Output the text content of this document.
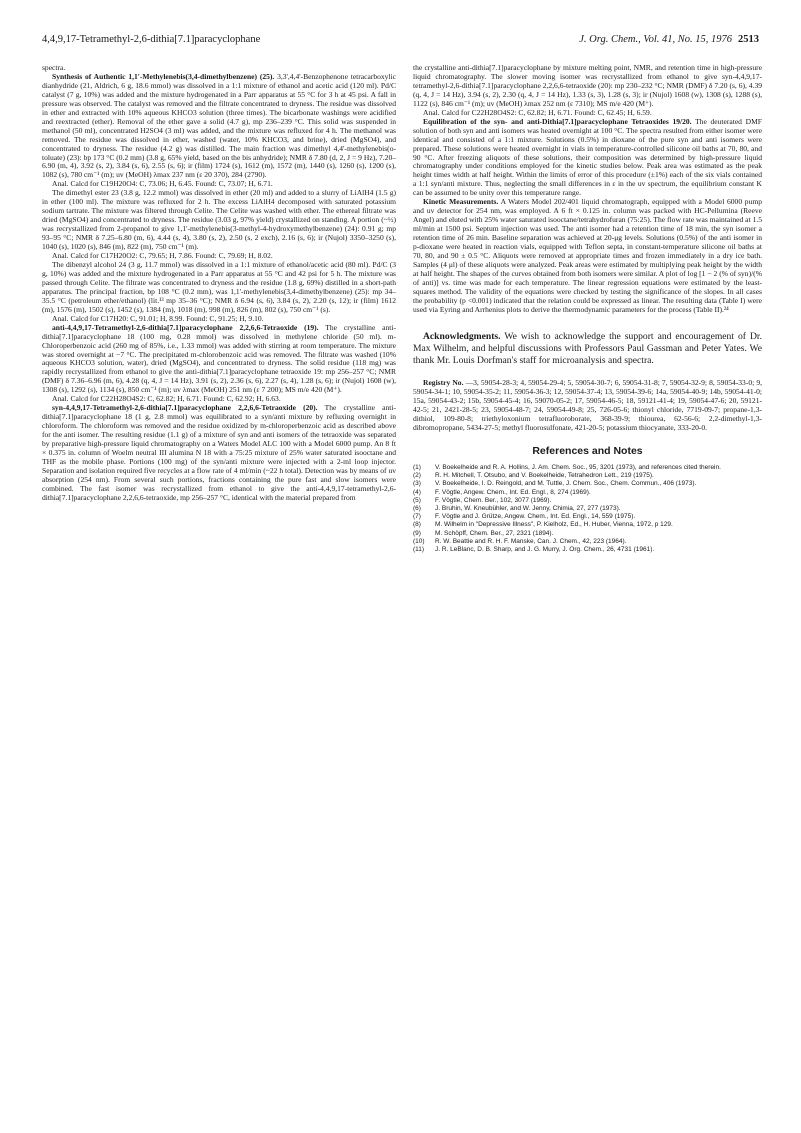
4,4,9,17-Tetramethyl-2,6-dithia[7.1]paracyclophane	J. Org. Chem., Vol. 41, No. 15, 1976 2513

spectra.

Synthesis of Authentic 1,1'-Methylenebis(3,4-dimethylbenzene) (25). 3,3',4,4'-Benzophenone tetracarboxylic dianhydride (21, Aldrich, 6 g, 18.6 mmol) was dissolved in a 1:1 mixture of ethanol and acetic acid (120 ml). Pd/C catalyst (7 g, 10%) was added and the mixture hydrogenated in a Parr apparatus at 55 °C for 3 h at 45 psi. A fall in pressure was observed. The catalyst was removed and the filtrate concentrated to dryness. The residue was dissolved in ether and extracted with 10% aqueous KHCO3 solution (three times). The bicarbonate washings were acidified and reextracted (ether). Removal of the ether gave a solid (4.7 g), mp 236–239 °C. This solid was suspended in methanol (50 ml), concentrated H2SO4 (3 ml) was added, and the mixture was refluxed for 4 h. The methanol was removed. The residue was dissolved in ether, washed (water, 10% KHCO3, and brine), dried (MgSO4), and concentrated to dryness. The residue (4.2 g) was distilled. The main fraction was dimethyl 4,4'-methylenebis(o-toluate) (23): bp 173 °C (0.2 mm) (3.8 g, 65% yield, based on the bis anhydride); NMR δ 7.80 (d, 2, J = 9 Hz), 7.20–6.90 (m, 4), 3.92 (s, 2), 3.84 (s, 6), 2.55 (s, 6); ir (film) 1724 (s), 1612 (m), 1572 (m), 1440 (s), 1260 (s), 1200 (s), 1082 (s), 780 cm⁻¹ (m); uv (MeOH) λmax 237 nm (ε 20 370), 284 (2790).

Anal. Calcd for C19H20O4: C, 73.06; H, 6.45. Found: C, 73.07; H, 6.71.

The dimethyl ester 23 (3.8 g, 12.2 mmol) was dissolved in ether (20 ml) and added to a slurry of LiAlH4 (1.5 g) in ether (100 ml). The mixture was refluxed for 2 h. The excess LiAlH4 decomposed with saturated potassium sodium tartrate. The mixture was filtered through Celite. The Celite was washed with ether. The ethereal filtrate was dried (MgSO4) and concentrated to dryness. The residue (3.03 g, 97% yield) crystallized on standing. A portion (~½) was recrystallized from 2-propanol to give 1,1'-methylenebis(3-methyl-4-hydroxymethylbenzene) (24): 0.91 g; mp 93–95 °C; NMR δ 7.25–6.80 (m, 6), 4.44 (s, 4), 3.80 (s, 2), 2.50 (s, 2 exch), 2.16 (s, 6); ir (Nujol) 3350–3250 (s), 1040 (s), 1020 (s), 846 (m), 822 (m), 750 cm⁻¹ (m).

Anal. Calcd for C17H20O2: C, 79.65; H, 7.86. Found: C, 79.69; H, 8.02.

The dibenzyl alcohol 24 (3 g, 11.7 mmol) was dissolved in a 1:1 mixture of ethanol/acetic acid (80 ml). Pd/C (3 g, 10%) was added and the mixture hydrogenated in a Parr apparatus at 55 °C and 42 psi for 5 h. The mixture was passed through Celite. The filtrate was concentrated to dryness and the residue (1.8 g, 69%) distilled in a short-path apparatus. The principal fraction, bp 108 °C (0.2 mm), was 1,1'-methylenebis(3,4-dimethylbenzene) (25): mp 34–35.5 °C (petroleum ether/ethanol) (lit.¹³ mp 35–36 °C); NMR δ 6.94 (s, 6), 3.84 (s, 2), 2.20 (s, 12); ir (film) 1612 (m), 1576 (m), 1502 (s), 1452 (s), 1384 (m), 1018 (m), 998 (m), 826 (m), 802 (s), 750 cm⁻¹ (s).

Anal. Calcd for C17H20: C, 91.01; H, 8.99. Found: C, 91.25; H, 9.10.

anti-4,4,9,17-Tetramethyl-2,6-dithia[7.1]paracyclophane 2,2,6,6-Tetraoxide (19). The crystalline anti-dithia[7.1]paracyclophane 18 (100 mg, 0.28 mmol) was dissolved in methylene chloride (50 ml). m-Chloroperbenzoic acid (260 mg of 85%, i.e., 1.33 mmol) was added with stirring at room temperature. The mixture was stored overnight at −7 °C. The precipitated m-chlorobenzoic acid was removed. The filtrate was washed (10% aqueous KHCO3 solution, water), dried (MgSO4), and concentrated to dryness. The solid residue (118 mg) was rapidly recrystallized from ethanol to give the anti-dithia[7.1]paracyclophane tetraoxide 19: mp 256–257 °C; NMR (DMF) δ 7.36–6.96 (m, 6), 4.28 (q, 4, J = 14 Hz), 3.91 (s, 2), 2.36 (s, 6), 2.27 (s, 4), 1.28 (s, 6); ir (Nujol) 1608 (w), 1308 (s), 1292 (s), 1134 (s), 850 cm⁻¹ (m); uv λmax (MeOH) 251 nm (ε 7 200); MS m/e 420 (M⁺).

Anal. Calcd for C22H28O4S2: C, 62.82; H, 6.71. Found: C, 62.92; H, 6.63.

syn-4,4,9,17-Tetramethyl-2,6-dithia[7.1]paracyclophane 2,2,6,6-Tetraoxide (20). The crystalline anti-dithia[7.1]paracyclophane 18 (1 g, 2.8 mmol) was equilibrated to a syn/anti mixture by refluxing overnight in chloroform. The chloroform was removed and the residue oxidized by m-chloroperbenzoic acid as described above for the anti isomer. The resulting residue (1.1 g) of a mixture of syn and anti isomers of the tetraoxide was separated by preparative high-pressure liquid chromatography on a Waters Model ALC 100 with a Model 6000 pump. An 8 ft × 0.375 in. column of Woelm neutral III alumina N 18 with a 75:25 mixture of 25% water saturated isooctane and THF as the mobile phase. Portions (100 mg) of the syn/anti mixture were injected with a 2-ml loop injector. Separation and isolation required five recycles at a flow rate of 4 ml/min (~22 h total). Detection was by means of uv absorption (254 nm). From several such portions, fractions containing the pure fast and slow isomers were combined. The fast isomer was recrystallized from ethanol to give the anti-4,4,9,17-tetramethyl-2,6-dithia[7.1]paracyclophane 2,2,6,6-tetraoxide, mp 256–257 °C, identical with the material prepared from

the crystalline anti-dithia[7.1]paracyclophane by mixture melting point, NMR, and retention time in high-pressure liquid chromatography. The slower moving isomer was recrystallized from ethanol to give syn-4,4,9,17-tetramethyl-2,6-dithia[7.1]paracyclophane 2,2,6,6-tetraoxide (20): mp 230–232 °C; NMR (DMF) δ 7.20 (s, 6), 4.39 (q, 4, J = 14 Hz), 3.94 (s, 2), 2.30 (q, 4, J = 14 Hz), 1.33 (s, 3), 1.28 (s, 3); ir (Nujol) 1608 (w), 1308 (s), 1288 (s), 1122 (s), 846 cm⁻¹ (m); uv (MeOH) λmax 252 nm (ε 7310); MS m/e 420 (M⁺).

Anal. Calcd for C22H28O4S2: C, 62.82; H, 6.71. Found: C, 62.45; H, 6.59.

Equilibration of the syn- and anti-Dithia[7.1]paracyclophane Tetraoxides 19/20. The deuterated DMF solution of both syn and anti isomers was heated overnight at 100 °C. The spectra resulted from either isomer were identical and consisted of a 1:1 mixture. Solutions (0.5%) in dioxane of the pure syn and anti isomers were prepared. These solutions were heated overnight in vials in temperature-controlled silicone oil baths at 70, 80, and 90 °C. After freezing aliquots of these solutions, their composition was determined by high-pressure liquid chromatography under conditions employed for the kinetic studies below. Peak area was estimated as the peak height times width at half height. Within the limits of error of this procedure (±1%) each of the six vials contained a 1:1 syn/anti mixture. Thus, neglecting the small differences in ε in the uv spectrum, the equilibrium constant K can be assumed to be unity over this temperature range.

Kinetic Measurements. A Waters Model 202/401 liquid chromatograph, equipped with a Model 6000 pump and uv detector for 254 nm, was employed. A 6 ft × 0.125 in. column was packed with HC-Pellumina (Reeve Angel) and eluted with 25% water saturated isooctane/tetrahydrofuran (75:25). The flow rate was maintained at 1.5 ml/min at 1500 psi. Septum injection was used. The anti isomer had a retention time of 18 min, the syn isomer a retention time of 26 min. Baseline separation was achieved at 20-μg levels. Solutions (0.5%) of the anti isomer in p-dioxane were heated in reaction vials, equipped with Teflon septa, in constant-temperature silicone oil baths at 70, 80, and 90 ± 0.5 °C. Aliquots were removed at appropriate times and frozen immediately in a dry ice bath. Samples (4 μl) of these aliquots were analyzed. Peak areas were estimated by multiplying peak height by the width at half height. The shapes of the curves obtained from both isomers were similar. A plot of log [1 − 2 (% of syn)/(% of anti)] vs. time was made for each temperature. The linear regression equations were estimated by the least-squares method. The validity of the equations were checked by testing the significance of the slopes. In all cases the probability (p <0.001) indicated that the relation could be expressed as linear. The resulting data (Table I) were used via Eyring and Arrhenius plots to derive the thermodynamic parameters for the process (Table II).²⁴

Acknowledgments. We wish to acknowledge the support and encouragement of Dr. Max Wilhelm, and helpful discussions with Professors Paul Gassman and Peter Yates. We thank Mr. Louis Dorfman's staff for microanalysis and spectra.

Registry No. —3, 59054-28-3; 4, 59054-29-4; 5, 59054-30-7; 6, 59054-31-8; 7, 59054-32-9; 8, 59054-33-0; 9, 59054-34-1; 10, 59054-35-2; 11, 59054-36-3; 12, 59054-37-4; 13, 59054-39-6; 14a, 59054-40-9; 14b, 59054-41-0; 15a, 59054-43-2; 15b, 59054-45-4; 16, 59070-05-2; 17, 59054-46-5; 18, 59121-41-4; 19, 59054-47-6; 20, 59121-42-5; 21, 2421-28-5; 23, 59054-48-7; 24, 59054-49-8; 25, 726-05-6; thionyl chloride, 7719-09-7; propane-1,3-dithiol, 109-80-8; triethyloxonium tetrafluoroborate, 368-39-9; thiourea, 62-56-6; 2,2-dimethyl-1,3-dibromopropane, 5434-27-5; methyl fluorosulfonate, 421-20-5; potassium thiocyanate, 333-20-0.

References and Notes
(1)	V. Boekelheide and R. A. Hollins, J. Am. Chem. Soc., 95, 3201 (1973), and references cited therein.
(2)	R. H. Mitchell, T. Otsubo, and V. Boekelheide, Tetrahedron Lett., 219 (1975).
(3)	V. Boekelheide, I. D. Reingold, and M. Tuttle, J. Chem. Soc., Chem. Commun., 406 (1973).
(4)	F. Vögtle, Angew. Chem., Int. Ed. Engl., 8, 274 (1969).
(5)	F. Vögtle, Chem. Ber., 102, 3077 (1969).
(6)	J. Bruhin, W. Kneubühler, and W. Jenny, Chimia, 27, 277 (1973).
(7)	F. Vögtle and J. Grütze, Angew. Chem., Int. Ed. Engl., 14, 559 (1975).
(8)	M. Wilhelm in "Depressive Illness", P. Kielholz, Ed., H. Huber, Vienna, 1972, p 129.
(9)	M. Schöpff, Chem. Ber., 27, 2321 (1894).
(10)	R. W. Beattie and R. H. F. Manske, Can. J. Chem., 42, 223 (1964).
(11)	J. R. LeBlanc, D. B. Sharp, and J. G. Murry, J. Org. Chem., 26, 4731 (1961).
